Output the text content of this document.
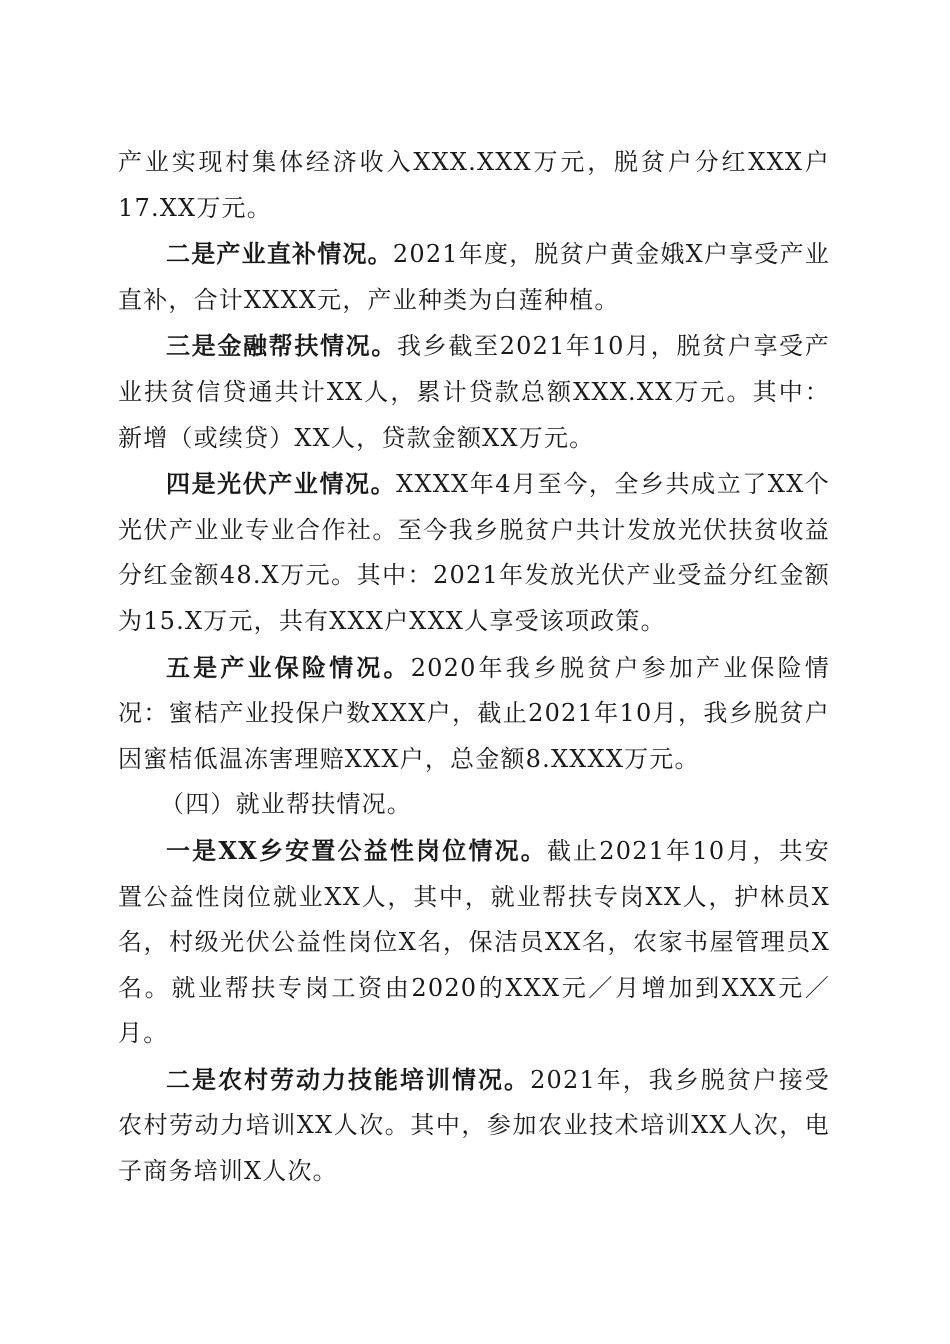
产业实现村集体经济收入XXX.XXX万元，脱贫户分红XXX户17.XX万元。

二是产业直补情况。2021年度，脱贫户黄金娥X户享受产业直补，合计XXXX元，产业种类为白莲种植。

三是金融帮扶情况。我乡截至2021年10月，脱贫户享受产业扶贫信贷通共计XX人，累计贷款总额XXX.XX万元。其中：新增（或续贷）XX人，贷款金额XX万元。

四是光伏产业情况。XXXX年4月至今，全乡共成立了XX个光伏产业业专业合作社。至今我乡脱贫户共计发放光伏扶贫收益分红金额48.X万元。其中：2021年发放光伏产业受益分红金额为15.X万元，共有XXX户XXX人享受该项政策。

五是产业保险情况。2020年我乡脱贫户参加产业保险情况：蜜桔产业投保户数XXX户，截止2021年10月，我乡脱贫户因蜜桔低温冻害理赔XXX户，总金额8.XXXX万元。

（四）就业帮扶情况。

一是XX乡安置公益性岗位情况。截止2021年10月，共安置公益性岗位就业XX人，其中，就业帮扶专岗XX人，护林员X名，村级光伏公益性岗位X名，保洁员XX名，农家书屋管理员X名。就业帮扶专岗工资由2020的XXX元／月增加到XXX元／月。

二是农村劳动力技能培训情况。2021年，我乡脱贫户接受农村劳动力培训XX人次。其中，参加农业技术培训XX人次，电子商务培训X人次。
